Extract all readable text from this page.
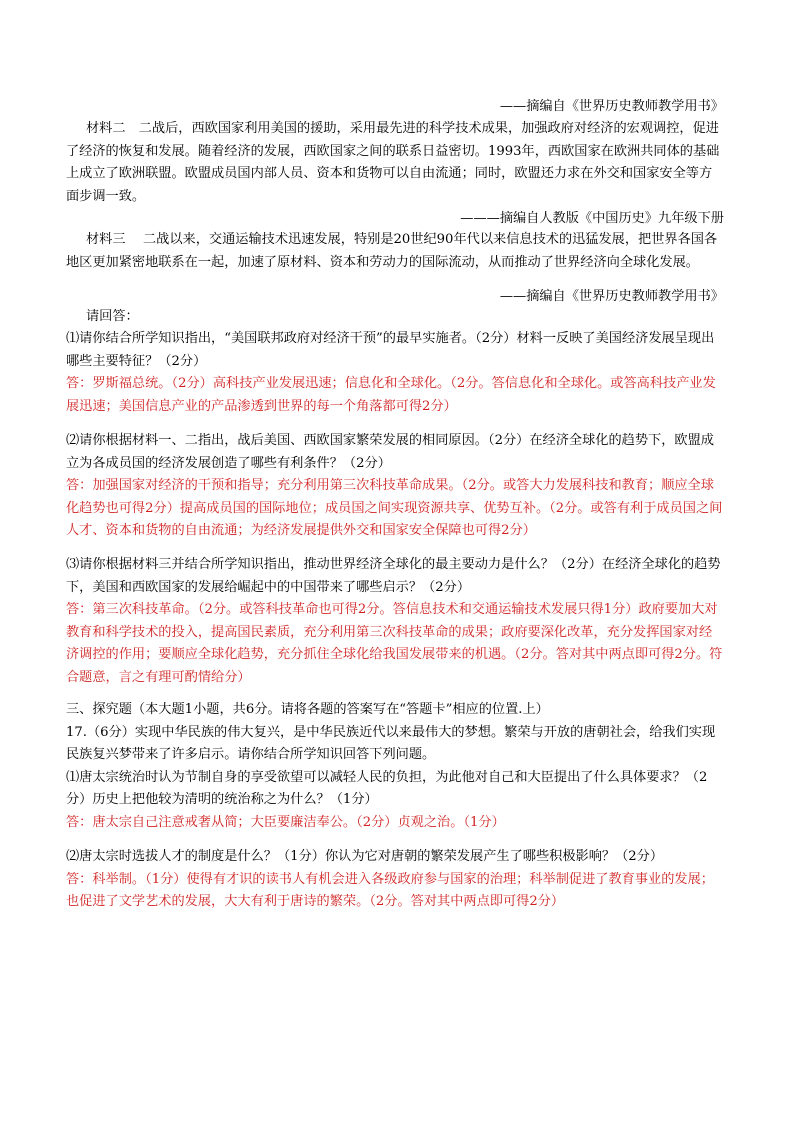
——摘编自《世界历史教师教学用书》

材料二　二战后，西欧国家利用美国的援助，采用最先进的科学技术成果，加强政府对经济的宏观调控，促进了经济的恢复和发展。随着经济的发展，西欧国家之间的联系日益密切。1993年，西欧国家在欧洲共同体的基础上成立了欧洲联盟。欧盟成员国内部人员、资本和货物可以自由流通；同时，欧盟还力求在外交和国家安全等方面步调一致。

———摘编自人教版《中国历史》九年级下册

材料三　 二战以来，交通运输技术迅速发展，特别是20世纪90年代以来信息技术的迅猛发展，把世界各国各地区更加紧密地联系在一起，加速了原材料、资本和劳动力的国际流动，从而推动了世界经济向全球化发展。

——摘编自《世界历史教师教学用书》

请回答：

⑴请你结合所学知识指出，“美国联邦政府对经济干预”的最早实施者。（2分）材料一反映了美国经济发展呈现出哪些主要特征？（2分）

答：罗斯福总统。（2分）高科技产业发展迅速；信息化和全球化。（2分。答信息化和全球化。或答高科技产业发展迅速；美国信息产业的产品渗透到世界的每一个角落都可得2分）

⑵请你根据材料一、二指出，战后美国、西欧国家繁荣发展的相同原因。（2分）在经济全球化的趋势下，欧盟成立为各成员国的经济发展创造了哪些有利条件？（2分）

答：加强国家对经济的干预和指导；充分利用第三次科技革命成果。（2分。或答大力发展科技和教育；顺应全球化趋势也可得2分）提高成员国的国际地位；成员国之间实现资源共享、优势互补。（2分。或答有利于成员国之间人才、资本和货物的自由流通；为经济发展提供外交和国家安全保障也可得2分）

⑶请你根据材料三并结合所学知识指出，推动世界经济全球化的最主要动力是什么？（2分）在经济全球化的趋势下，美国和西欧国家的发展给崛起中的中国带来了哪些启示？（2分）

答：第三次科技革命。（2分。或答科技革命也可得2分。答信息技术和交通运输技术发展只得1分）政府要加大对教育和科学技术的投入，提高国民素质，充分利用第三次科技革命的成果；政府要深化改革，充分发挥国家对经济调控的作用；要顺应全球化趋势，充分抓住全球化给我国发展带来的机遇。（2分。答对其中两点即可得2分。符合题意，言之有理可酌情给分）

三、探究题（本大题1小题，共6分。请将各题的答案写在“答题卡”相应的位置.上）

17.（6分）实现中华民族的伟大复兴，是中华民族近代以来最伟大的梦想。繁荣与开放的唐朝社会，给我们实现民族复兴梦带来了许多启示。请你结合所学知识回答下列问题。

⑴唐太宗统治时认为节制自身的享受欲望可以减轻人民的负担，为此他对自己和大臣提出了什么具体要求？（2分）历史上把他较为清明的统治称之为什么？（1分）

答：唐太宗自己注意戒奢从简；大臣要廉洁奉公。（2分）贞观之治。（1分）

⑵唐太宗时选拔人才的制度是什么？（1分）你认为它对唐朝的繁荣发展产生了哪些积极影响？（2分）

答：科举制。（1分）使得有才识的读书人有机会进入各级政府参与国家的治理；科举制促进了教育事业的发展；也促进了文学艺术的发展，大大有利于唐诗的繁荣。（2分。答对其中两点即可得2分）
